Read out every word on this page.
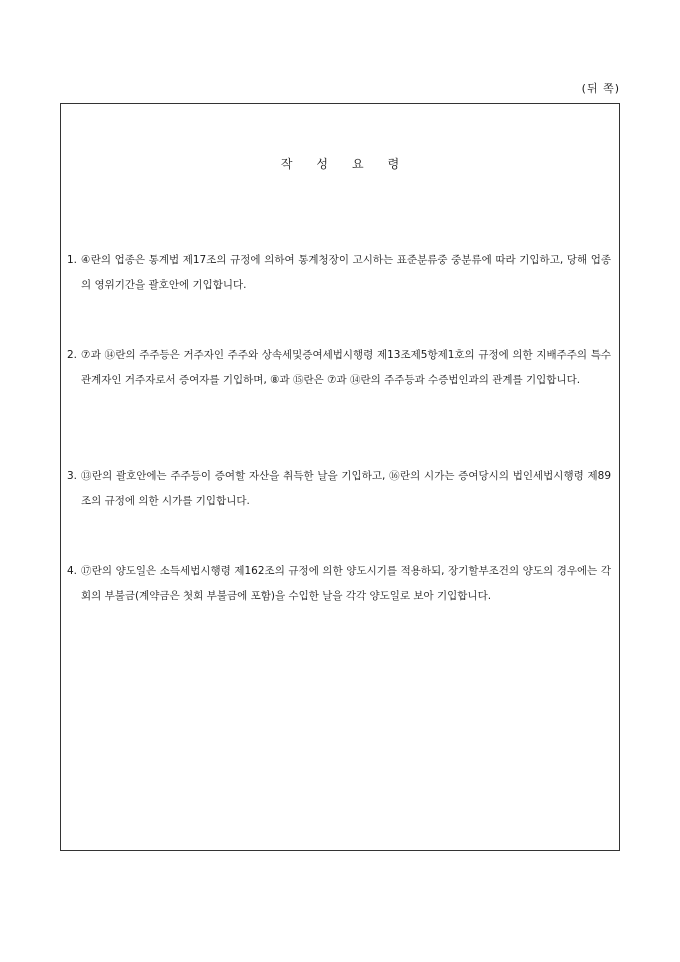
(뒤 쪽)
작성요령
1. ④란의 업종은 통계법 제17조의 규정에 의하여 통계청장이 고시하는 표준분류중 중분류에 따라 기입하고, 당해 업종의 영위기간을 괄호안에 기입합니다.
2. ⑦과 ⑭란의 주주등은 거주자인 주주와 상속세및증여세법시행령 제13조제5항제1호의 규정에 의한 지배주주의 특수관계자인 거주자로서 증여자를 기입하며, ⑧과 ⑮란은 ⑦과 ⑭란의 주주등과 수증법인과의 관계를 기입합니다.
3. ⑬란의 괄호안에는 주주등이 증여할 자산을 취득한 날을 기입하고, ⑯란의 시가는 증여당시의 법인세법시행령 제89조의 규정에 의한 시가를 기입합니다.
4. ⑰란의 양도일은 소득세법시행령 제162조의 규정에 의한 양도시기를 적용하되, 장기할부조건의 양도의 경우에는 각회의 부불금(계약금은 첫회 부불금에 포함)을 수입한 날을 각각 양도일로 보아 기입합니다.
